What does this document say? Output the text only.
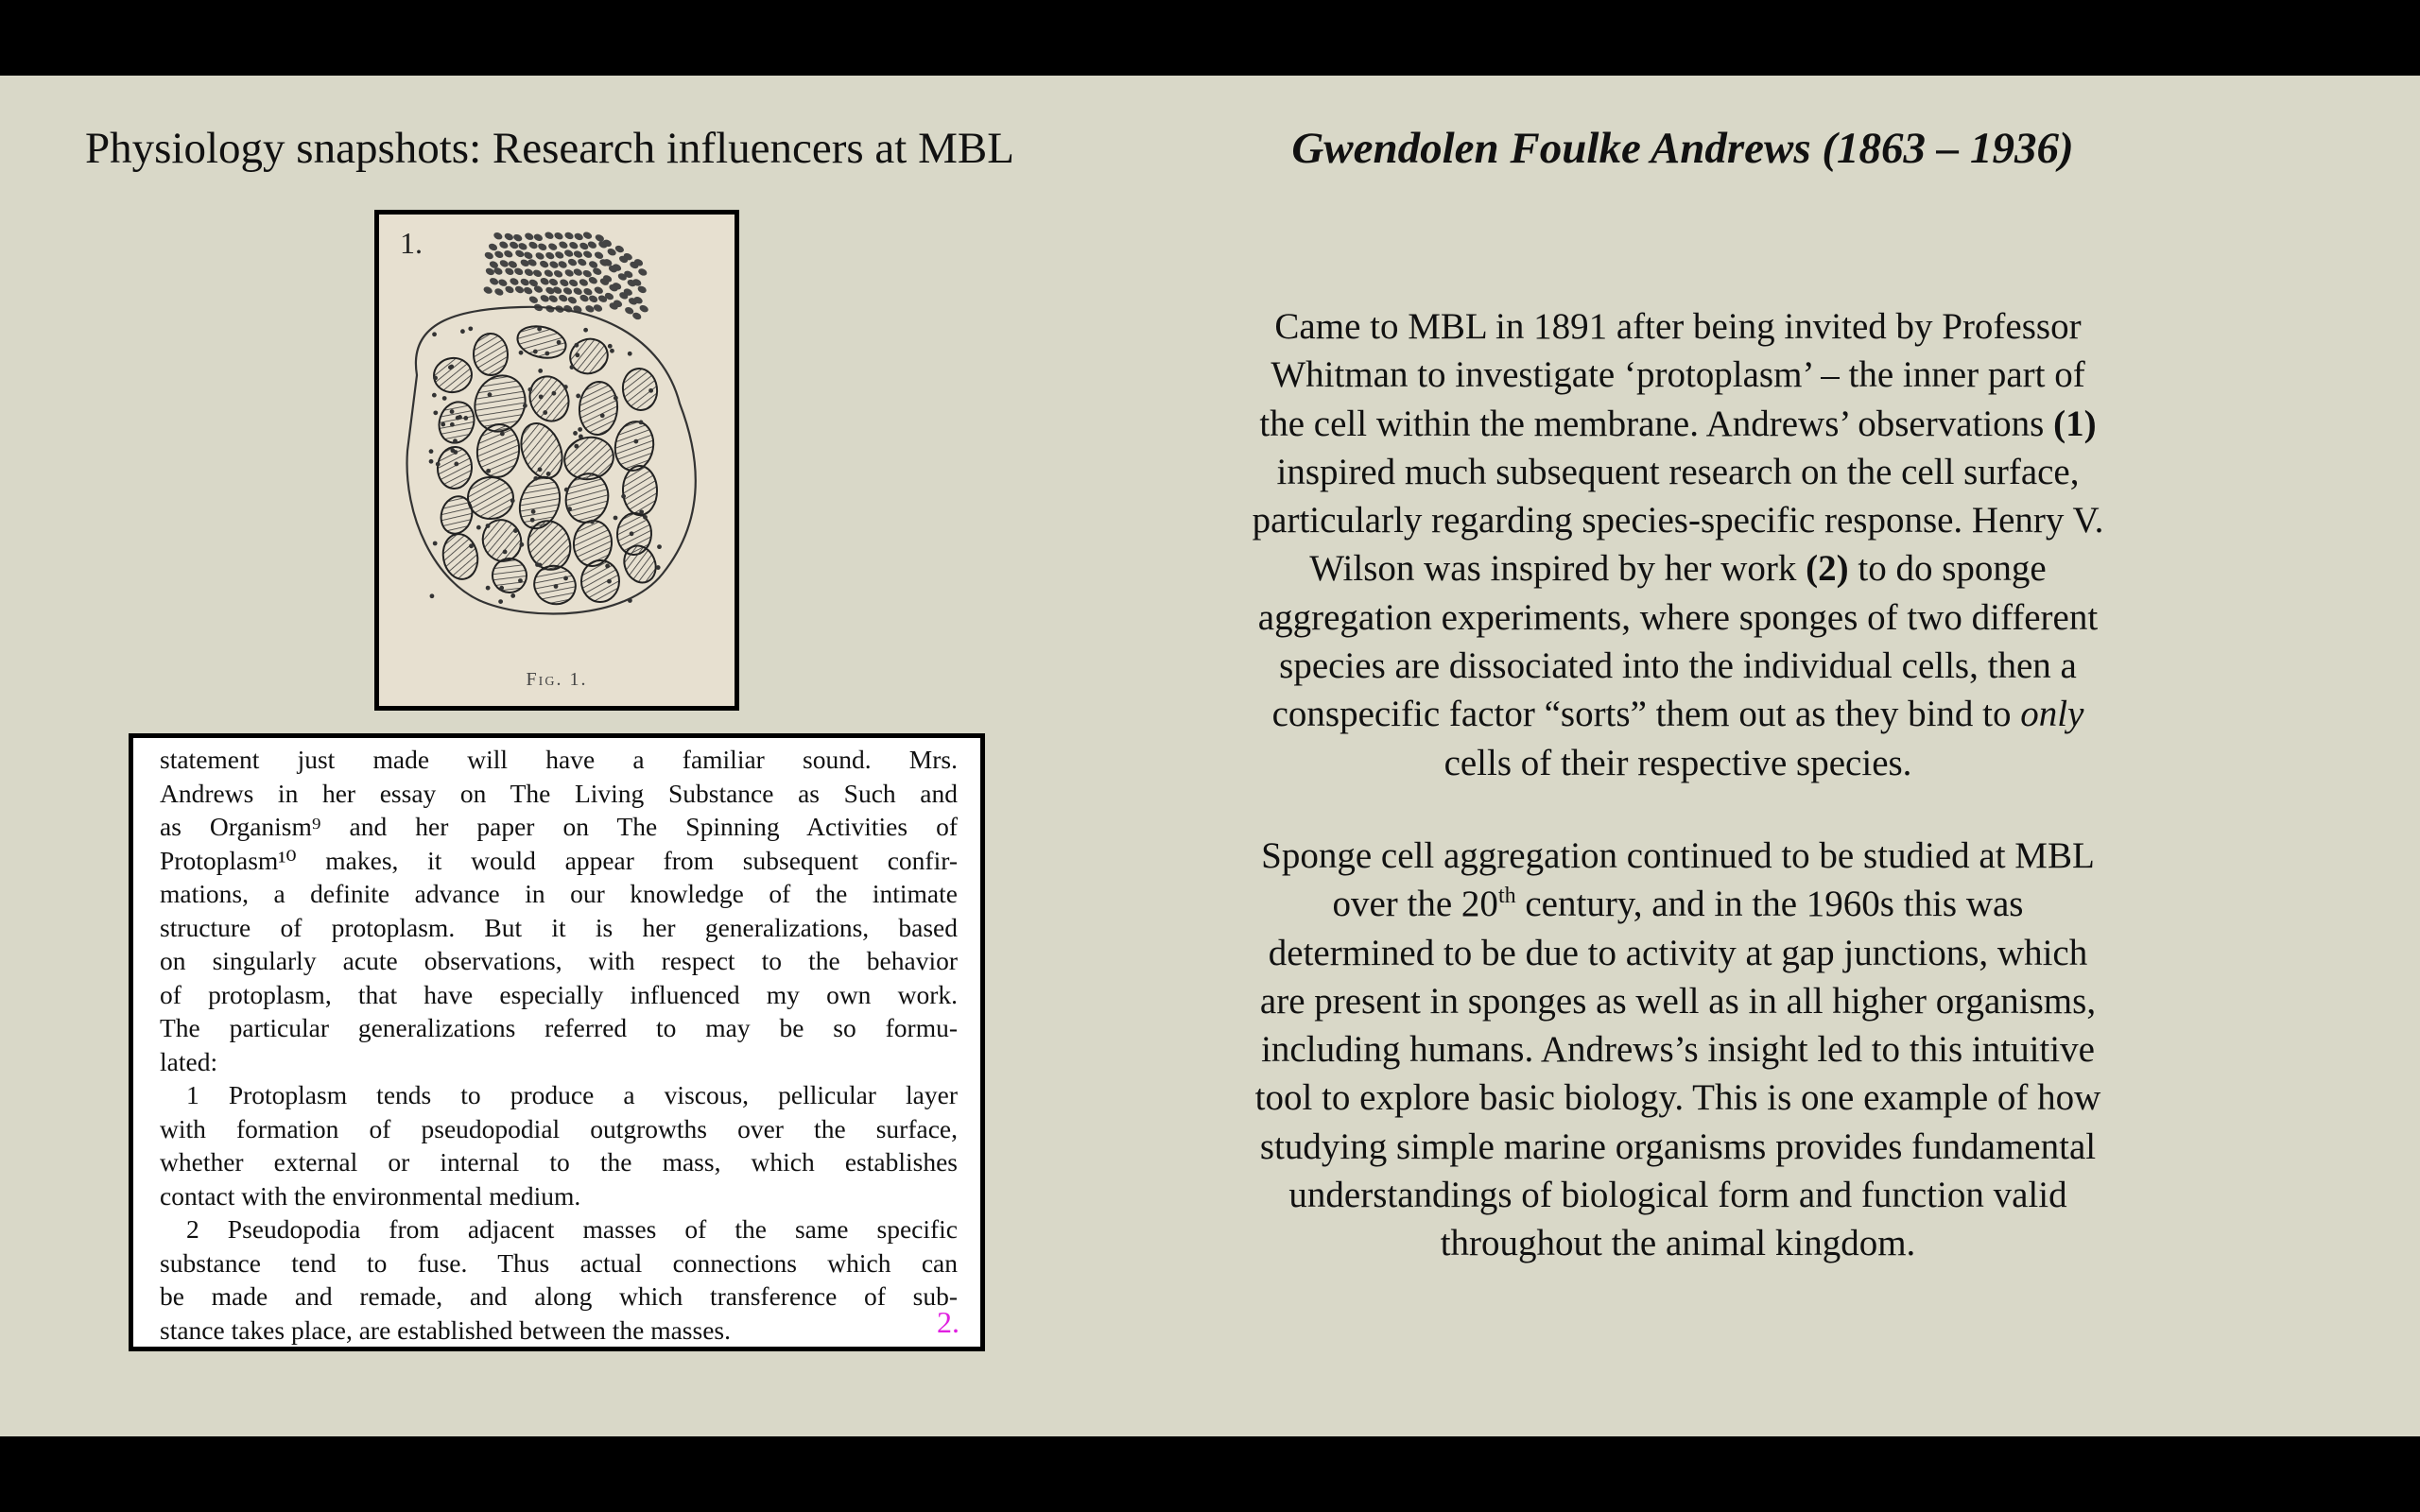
Physiology snapshots: Research influencers at MBL	Gwendolen Foulke Andrews (1863 – 1936)
1.
Fig. 1.
statement just made will have a familiar sound. Mrs.
Andrews in her essay on The Living Substance as Such and
as Organism⁹ and her paper on The Spinning Activities of
Protoplasm¹⁰ makes, it would appear from subsequent confir-
mations, a definite advance in our knowledge of the intimate
structure of protoplasm. But it is her generalizations, based
on singularly acute observations, with respect to the behavior
of protoplasm, that have especially influenced my own work.
The particular generalizations referred to may be so formu-
lated:
1 Protoplasm tends to produce a viscous, pellicular layer
with formation of pseudopodial outgrowths over the surface,
whether external or internal to the mass, which establishes
contact with the environmental medium.
2 Pseudopodia from adjacent masses of the same specific
substance tend to fuse. Thus actual connections which can
be made and remade, and along which transference of sub-
stance takes place, are established between the masses.	2.
Came to MBL in 1891 after being invited by Professor
Whitman to investigate ‘protoplasm’ – the inner part of
the cell within the membrane. Andrews’ observations (1)
inspired much subsequent research on the cell surface,
particularly regarding species-specific response. Henry V.
Wilson was inspired by her work (2) to do sponge
aggregation experiments, where sponges of two different
species are dissociated into the individual cells, then a
conspecific factor “sorts” them out as they bind to only
cells of their respective species.
Sponge cell aggregation continued to be studied at MBL
over the 20th century, and in the 1960s this was
determined to be due to activity at gap junctions, which
are present in sponges as well as in all higher organisms,
including humans. Andrews’s insight led to this intuitive
tool to explore basic biology. This is one example of how
studying simple marine organisms provides fundamental
understandings of biological form and function valid
throughout the animal kingdom.
